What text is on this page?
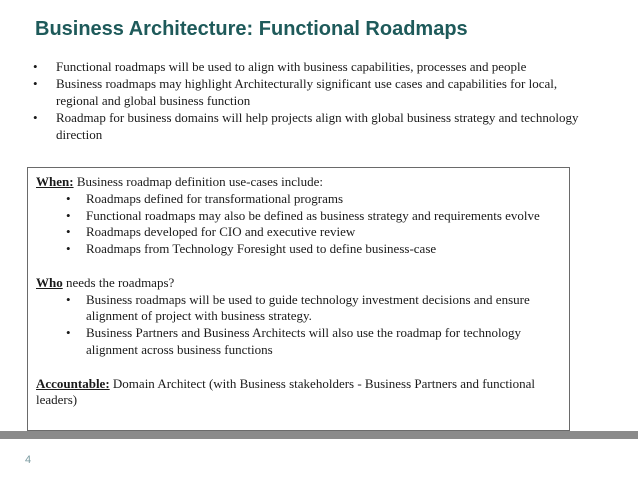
Business Architecture: Functional Roadmaps
• Functional roadmaps will be used to align with business capabilities, processes and people
• Business roadmaps may highlight Architecturally significant use cases and capabilities for local, regional and global business function
• Roadmap for business domains will help projects align with global business strategy and technology direction
When: Business roadmap definition use-cases include:
• Roadmaps defined for transformational programs
• Functional roadmaps may also be defined as business strategy and requirements evolve
• Roadmaps developed for CIO and executive review
• Roadmaps from Technology Foresight used to define business-case
Who needs the roadmaps?
• Business roadmaps will be used to guide technology investment decisions and ensure alignment of project with business strategy.
• Business Partners and Business Architects will also use the roadmap for technology alignment across business functions
Accountable: Domain Architect (with Business stakeholders - Business Partners and functional leaders)
4
